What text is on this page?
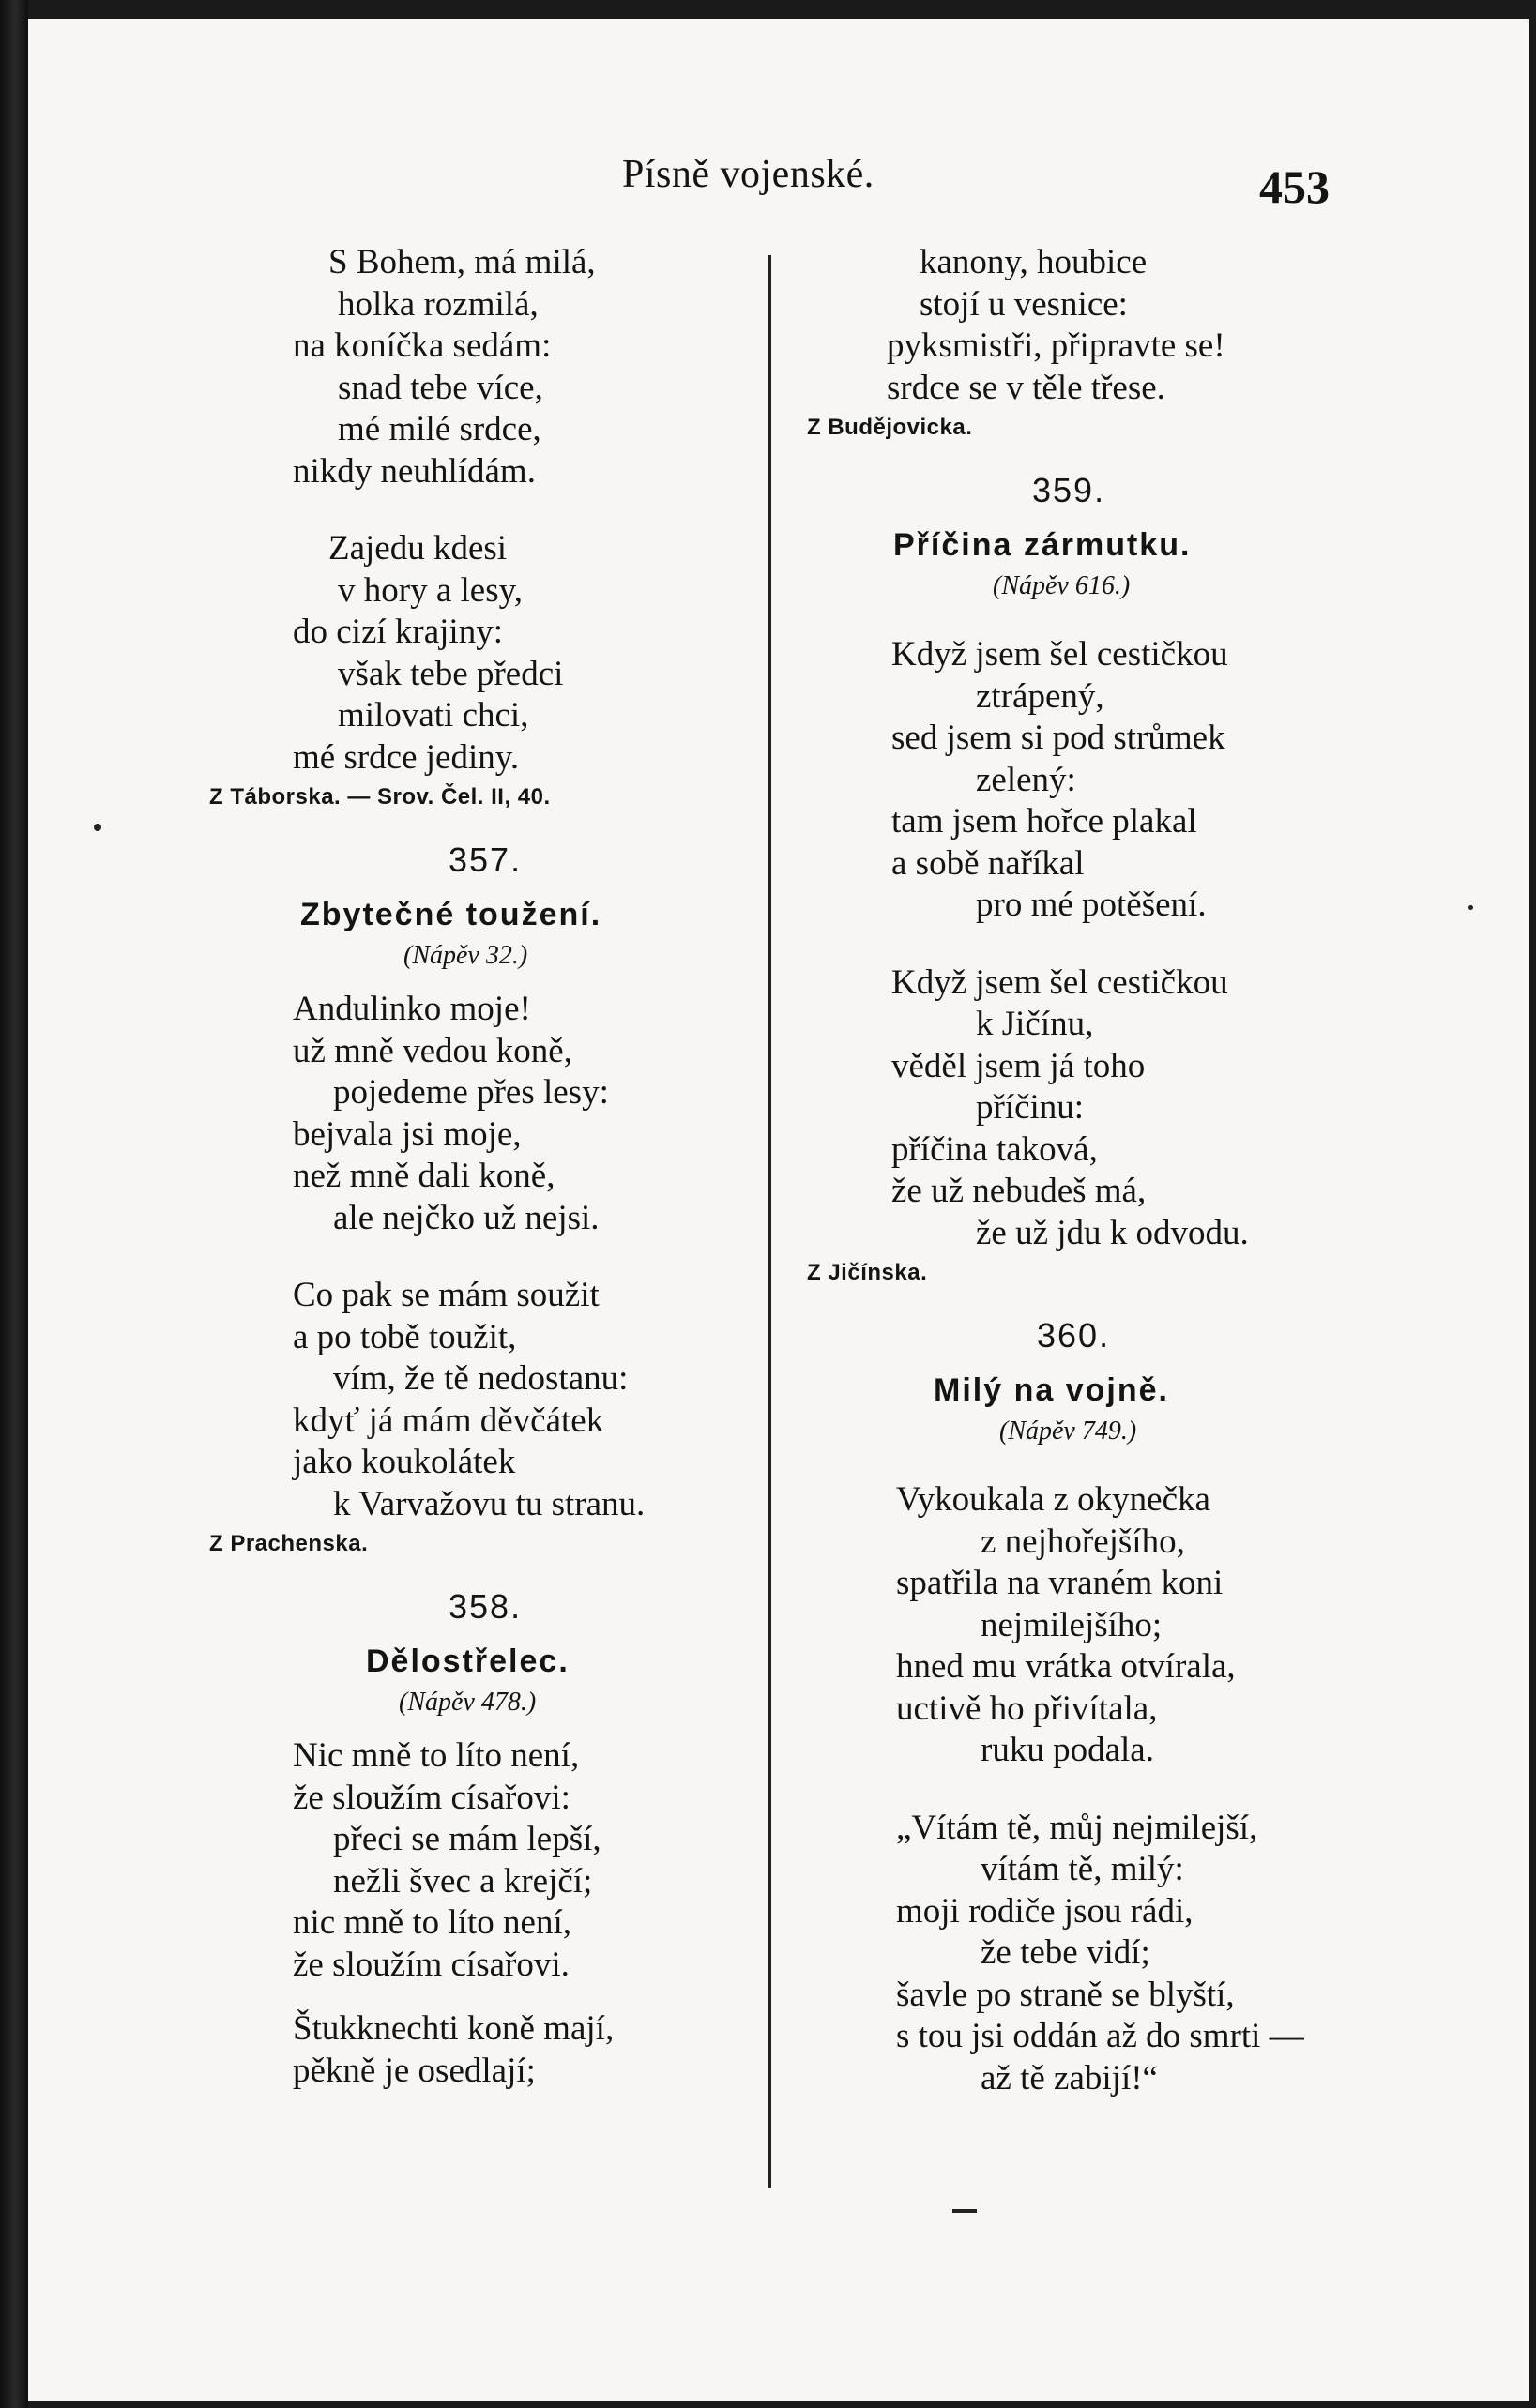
Písně vojenské.	453
S Bohem, má milá,
holka rozmilá,
na koníčka sedám:
snad tebe více,
mé milé srdce,
nikdy neuhlídám.
Zajedu kdesi
v hory a lesy,
do cizí krajiny:
však tebe předci
milovati chci,
mé srdce jediny.
Z Táborska. — Srov. Čel. II, 40.
357.
Zbytečné toužení.
(Nápěv 32.)
Andulinko moje!
už mně vedou koně,
pojedeme přes lesy:
bejvala jsi moje,
než mně dali koně,
ale nejčko už nejsi.
Co pak se mám soužit
a po tobě toužit,
vím, že tě nedostanu:
kdyť já mám děvčátek
jako koukolátek
k Varvažovu tu stranu.
Z Prachenska.
358.
Dělostřelec.
(Nápěv 478.)
Nic mně to líto není,
že sloužím císařovi:
přeci se mám lepší,
nežli švec a krejčí;
nic mně to líto není,
že sloužím císařovi.
Štukknechti koně mají,
pěkně je osedlají;
kanony, houbice
stojí u vesnice:
pyksmistři, připravte se!
srdce se v těle třese.
Z Budějovicka.
359.
Příčina zármutku.
(Nápěv 616.)
Když jsem šel cestičkou
ztrápený,
sed jsem si pod strůmek
zelený:
tam jsem hořce plakal
a sobě naříkal
pro mé potěšení.
Když jsem šel cestičkou
k Jičínu,
věděl jsem já toho
příčinu:
příčina taková,
že už nebudeš má,
že už jdu k odvodu.
Z Jičínska.
360.
Milý na vojně.
(Nápěv 749.)
Vykoukala z okynečka
z nejhořejšího,
spatřila na vraném koni
nejmilejšího;
hned mu vrátka otvírala,
uctivě ho přivítala,
ruku podala.
„Vítám tě, můj nejmilejší,
vítám tě, milý:
moji rodiče jsou rádi,
že tebe vidí;
šavle po straně se blyští,
s tou jsi oddán až do smrti —
až tě zabijí!“
